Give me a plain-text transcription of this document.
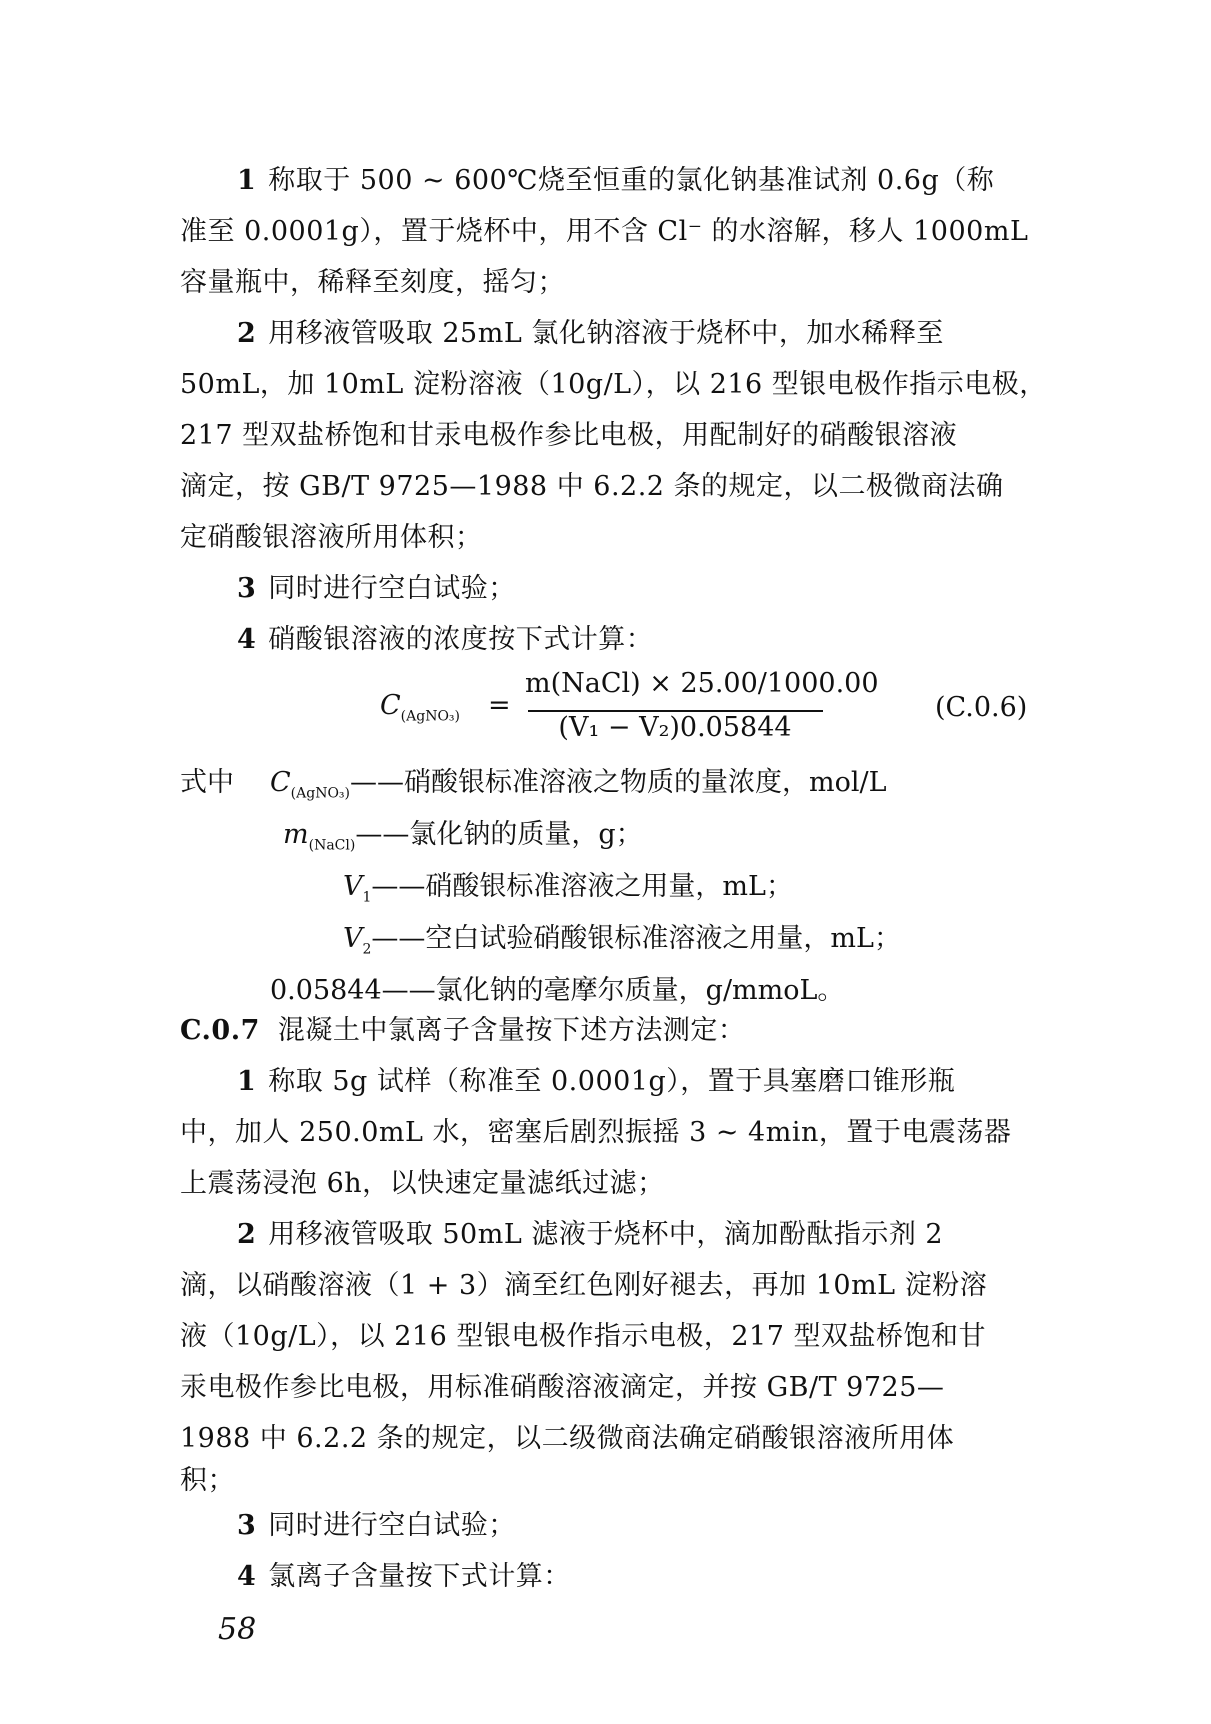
1 称取于 500 ~ 600℃烧至恒重的氯化钠基准试剂 0.6g（称
准至 0.0001g），置于烧杯中，用不含 Cl⁻ 的水溶解，移人 1000mL
容量瓶中，稀释至刻度，摇匀；
2 用移液管吸取 25mL 氯化钠溶液于烧杯中，加水稀释至
50mL，加 10mL 淀粉溶液（10g/L），以 216 型银电极作指示电极，
217 型双盐桥饱和甘汞电极作参比电极，用配制好的硝酸银溶液
滴定，按 GB/T 9725—1988 中 6.2.2 条的规定，以二极微商法确
定硝酸银溶液所用体积；
3 同时进行空白试验；
4 硝酸银溶液的浓度按下式计算：
$C_{(AgNO_3)}$ =
m(NaCl) × 25.00/1000.00
(V₁ − V₂)0.05844
(C.0.6)
式中 $C_{(AgNO_3)}——$硝酸银标准溶液之物质的量浓度，mol/L
$m_{(NaCl)}——$氯化钠的质量，g；
$V_1——$硝酸银标准溶液之用量，mL；
$V_2——$空白试验硝酸银标准溶液之用量，mL；
0.05844——氯化钠的毫摩尔质量，g/mmoL。
C.0.7 混凝土中氯离子含量按下述方法测定：
1 称取 5g 试样（称准至 0.0001g），置于具塞磨口锥形瓶
中，加人 250.0mL 水，密塞后剧烈振摇 3 ~ 4min，置于电震荡器
上震荡浸泡 6h，以快速定量滤纸过滤；
2 用移液管吸取 50mL 滤液于烧杯中，滴加酚酞指示剂 2
滴，以硝酸溶液（1 + 3）滴至红色刚好褪去，再加 10mL 淀粉溶
液（10g/L），以 216 型银电极作指示电极，217 型双盐桥饱和甘
汞电极作参比电极，用标准硝酸溶液滴定，并按 GB/T 9725—
1988 中 6.2.2 条的规定，以二级微商法确定硝酸银溶液所用体
积；
3 同时进行空白试验；
4 氯离子含量按下式计算：
58
